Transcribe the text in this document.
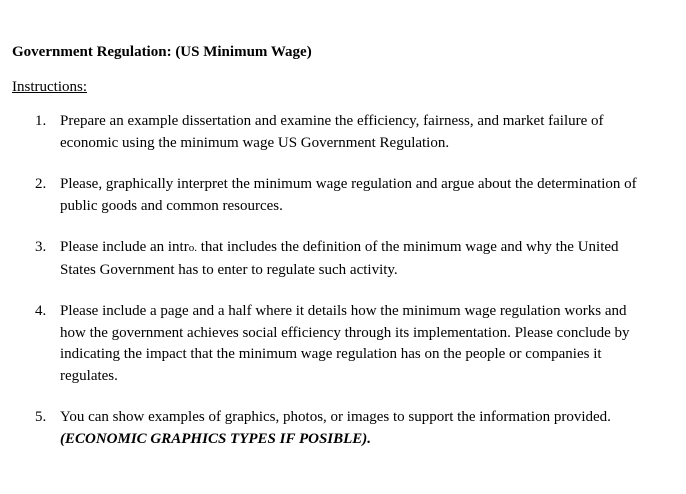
Government Regulation: (US Minimum Wage)
Instructions:
1. Prepare an example dissertation and examine the efficiency, fairness, and market failure of economic using the minimum wage US Government Regulation.
2. Please, graphically interpret the minimum wage regulation and argue about the determination of public goods and common resources.
3. Please include an intro. that includes the definition of the minimum wage and why the United States Government has to enter to regulate such activity.
4. Please include a page and a half where it details how the minimum wage regulation works and how the government achieves social efficiency through its implementation. Please conclude by indicating the impact that the minimum wage regulation has on the people or companies it regulates.
5. You can show examples of graphics, photos, or images to support the information provided. (ECONOMIC GRAPHICS TYPES IF POSIBLE).
